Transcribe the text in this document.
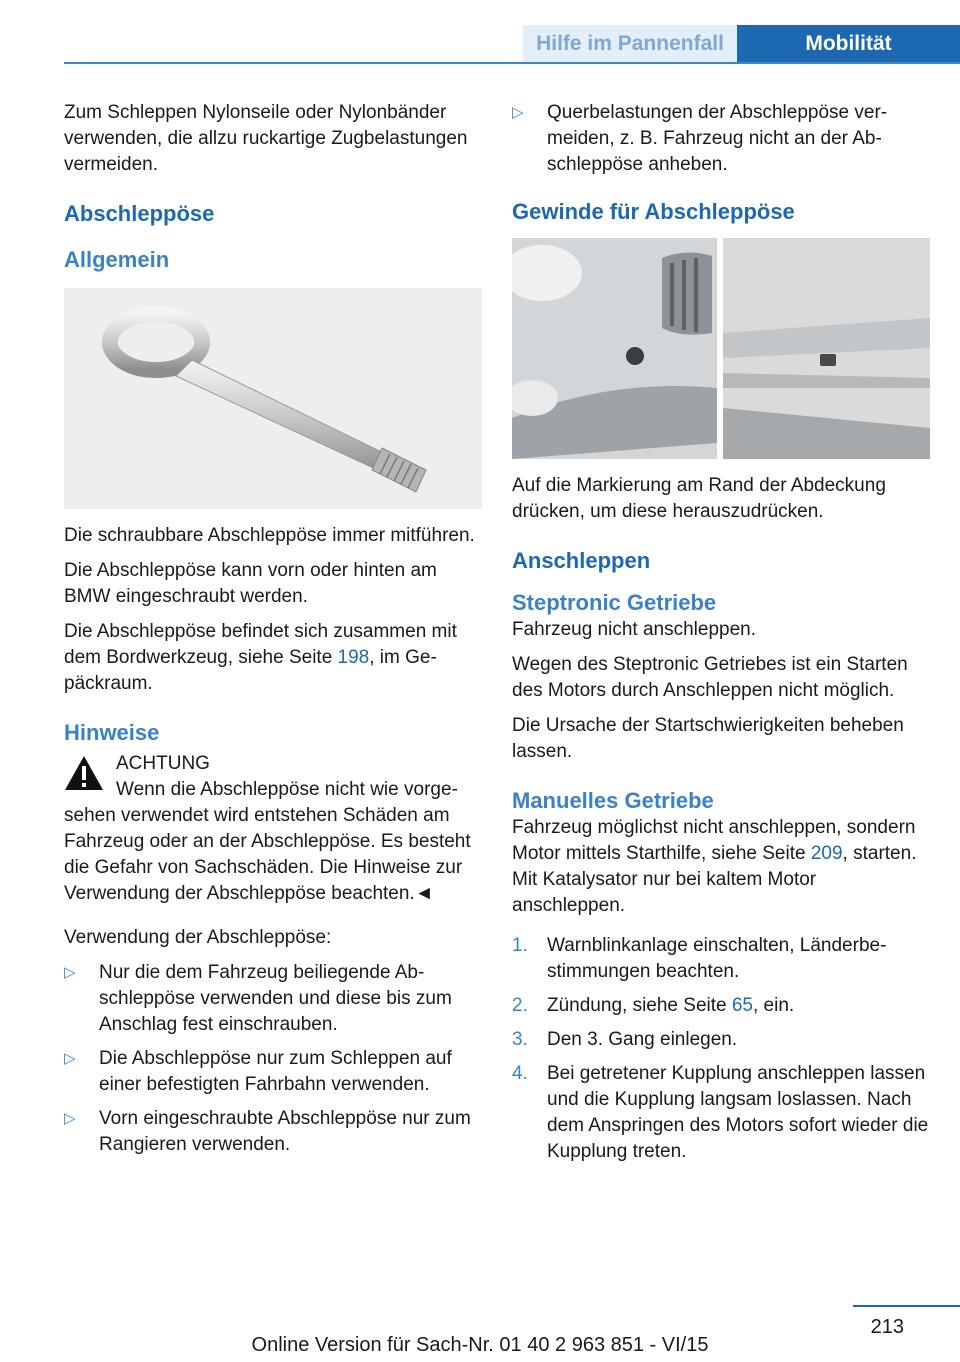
Hilfe im Pannenfall	Mobilität

Zum Schleppen Nylonseile oder Nylonbänder verwenden, die allzu ruckartige Zugbelastungen vermeiden.

Abschleppöse
Allgemein

Die schraubbare Abschleppöse immer mitführen.

Die Abschleppöse kann vorn oder hinten am BMW eingeschraubt werden.

Die Abschleppöse befindet sich zusammen mit dem Bordwerkzeug, siehe Seite 198, im Gepäckraum.

Hinweise
ACHTUNG
Wenn die Abschleppöse nicht wie vorge-
sehen verwendet wird entstehen Schäden am Fahrzeug oder an der Abschleppöse. Es besteht die Gefahr von Sachschäden. Die Hinweise zur Verwendung der Abschleppöse beachten.◄

Verwendung der Abschleppöse:

▷ Nur die dem Fahrzeug beiliegende Abschleppöse verwenden und diese bis zum Anschlag fest einschrauben.
▷ Die Abschleppöse nur zum Schleppen auf einer befestigten Fahrbahn verwenden.
▷ Vorn eingeschraubte Abschleppöse nur zum Rangieren verwenden.
▷ Querbelastungen der Abschleppöse vermeiden, z. B. Fahrzeug nicht an der Abschleppöse anheben.
Gewinde für Abschleppöse

Auf die Markierung am Rand der Abdeckung drücken, um diese herauszudrücken.

Anschleppen
Steptronic Getriebe

Fahrzeug nicht anschleppen.

Wegen des Steptronic Getriebes ist ein Starten des Motors durch Anschleppen nicht möglich.

Die Ursache der Startschwierigkeiten beheben lassen.

Manuelles Getriebe

Fahrzeug möglichst nicht anschleppen, sondern Motor mittels Starthilfe, siehe Seite 209, starten. Mit Katalysator nur bei kaltem Motor anschleppen.

1. Warnblinkanlage einschalten, Länderbestimmungen beachten.
2. Zündung, siehe Seite 65, ein.
3. Den 3. Gang einlegen.
4. Bei getretener Kupplung anschleppen lassen und die Kupplung langsam loslassen. Nach dem Anspringen des Motors sofort wieder die Kupplung treten.
213
Online Version für Sach-Nr. 01 40 2 963 851 - VI/15
